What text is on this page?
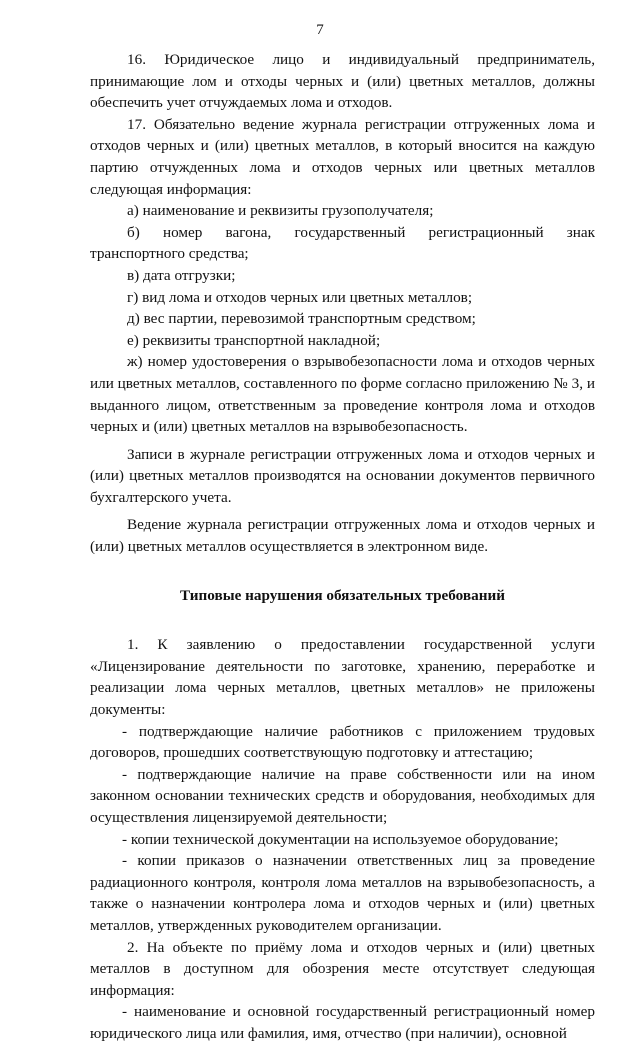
7

16. Юридическое лицо и индивидуальный предприниматель, принимающие лом и отходы черных и (или) цветных металлов, должны обеспечить учет отчуждаемых лома и отходов.

17. Обязательно ведение журнала регистрации отгруженных лома и отходов черных и (или) цветных металлов, в который вносится на каждую партию отчужденных лома и отходов черных или цветных металлов следующая информация:

а) наименование и реквизиты грузополучателя;

б) номер вагона, государственный регистрационный знак транспортного средства;

в) дата отгрузки;

г) вид лома и отходов черных или цветных металлов;

д) вес партии, перевозимой транспортным средством;

е) реквизиты транспортной накладной;

ж) номер удостоверения о взрывобезопасности лома и отходов черных или цветных металлов, составленного по форме согласно приложению № 3, и выданного лицом, ответственным за проведение контроля лома и отходов черных и (или) цветных металлов на взрывобезопасность.

Записи в журнале регистрации отгруженных лома и отходов черных и (или) цветных металлов производятся на основании документов первичного бухгалтерского учета.

Ведение журнала регистрации отгруженных лома и отходов черных и (или) цветных металлов осуществляется в электронном виде.

Типовые нарушения обязательных требований

1. К заявлению о предоставлении государственной услуги «Лицензирование деятельности по заготовке, хранению, переработке и реализации лома черных металлов, цветных металлов» не приложены документы:

- подтверждающие наличие работников с приложением трудовых договоров, прошедших соответствующую подготовку и аттестацию;

- подтверждающие наличие на праве собственности или на ином законном основании технических средств и оборудования, необходимых для осуществления лицензируемой деятельности;

- копии технической документации на используемое оборудование;

- копии приказов о назначении ответственных лиц за проведение радиационного контроля, контроля лома металлов на взрывобезопасность, а также о назначении контролера лома и отходов черных и (или) цветных металлов, утвержденных руководителем организации.

2. На объекте по приёму лома и отходов черных и (или) цветных металлов в доступном для обозрения месте отсутствует следующая информация:

- наименование и основной государственный регистрационный номер юридического лица или фамилия, имя, отчество (при наличии), основной
